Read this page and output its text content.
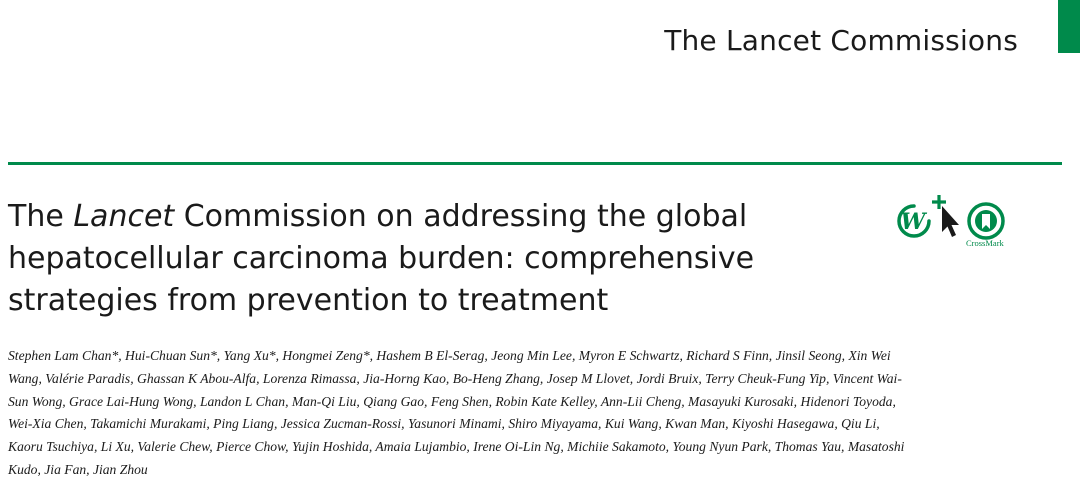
The Lancet Commissions
The Lancet Commission on addressing the global hepatocellular carcinoma burden: comprehensive strategies from prevention to treatment
W
CrossMark

Stephen Lam Chan*, Hui-Chuan Sun*, Yang Xu*, Hongmei Zeng*, Hashem B El-Serag, Jeong Min Lee, Myron E Schwartz, Richard S Finn, Jinsil Seong, Xin Wei Wang, Valérie Paradis, Ghassan K Abou-Alfa, Lorenza Rimassa, Jia-Horng Kao, Bo-Heng Zhang, Josep M Llovet, Jordi Bruix, Terry Cheuk-Fung Yip, Vincent Wai-Sun Wong, Grace Lai-Hung Wong, Landon L Chan, Man-Qi Liu, Qiang Gao, Feng Shen, Robin Kate Kelley, Ann-Lii Cheng, Masayuki Kurosaki, Hidenori Toyoda, Wei-Xia Chen, Takamichi Murakami, Ping Liang, Jessica Zucman-Rossi, Yasunori Minami, Shiro Miyayama, Kui Wang, Kwan Man, Kiyoshi Hasegawa, Qiu Li, Kaoru Tsuchiya, Li Xu, Valerie Chew, Pierce Chow, Yujin Hoshida, Amaia Lujambio, Irene Oi-Lin Ng, Michiie Sakamoto, Young Nyun Park, Thomas Yau, Masatoshi Kudo, Jia Fan, Jian Zhou
